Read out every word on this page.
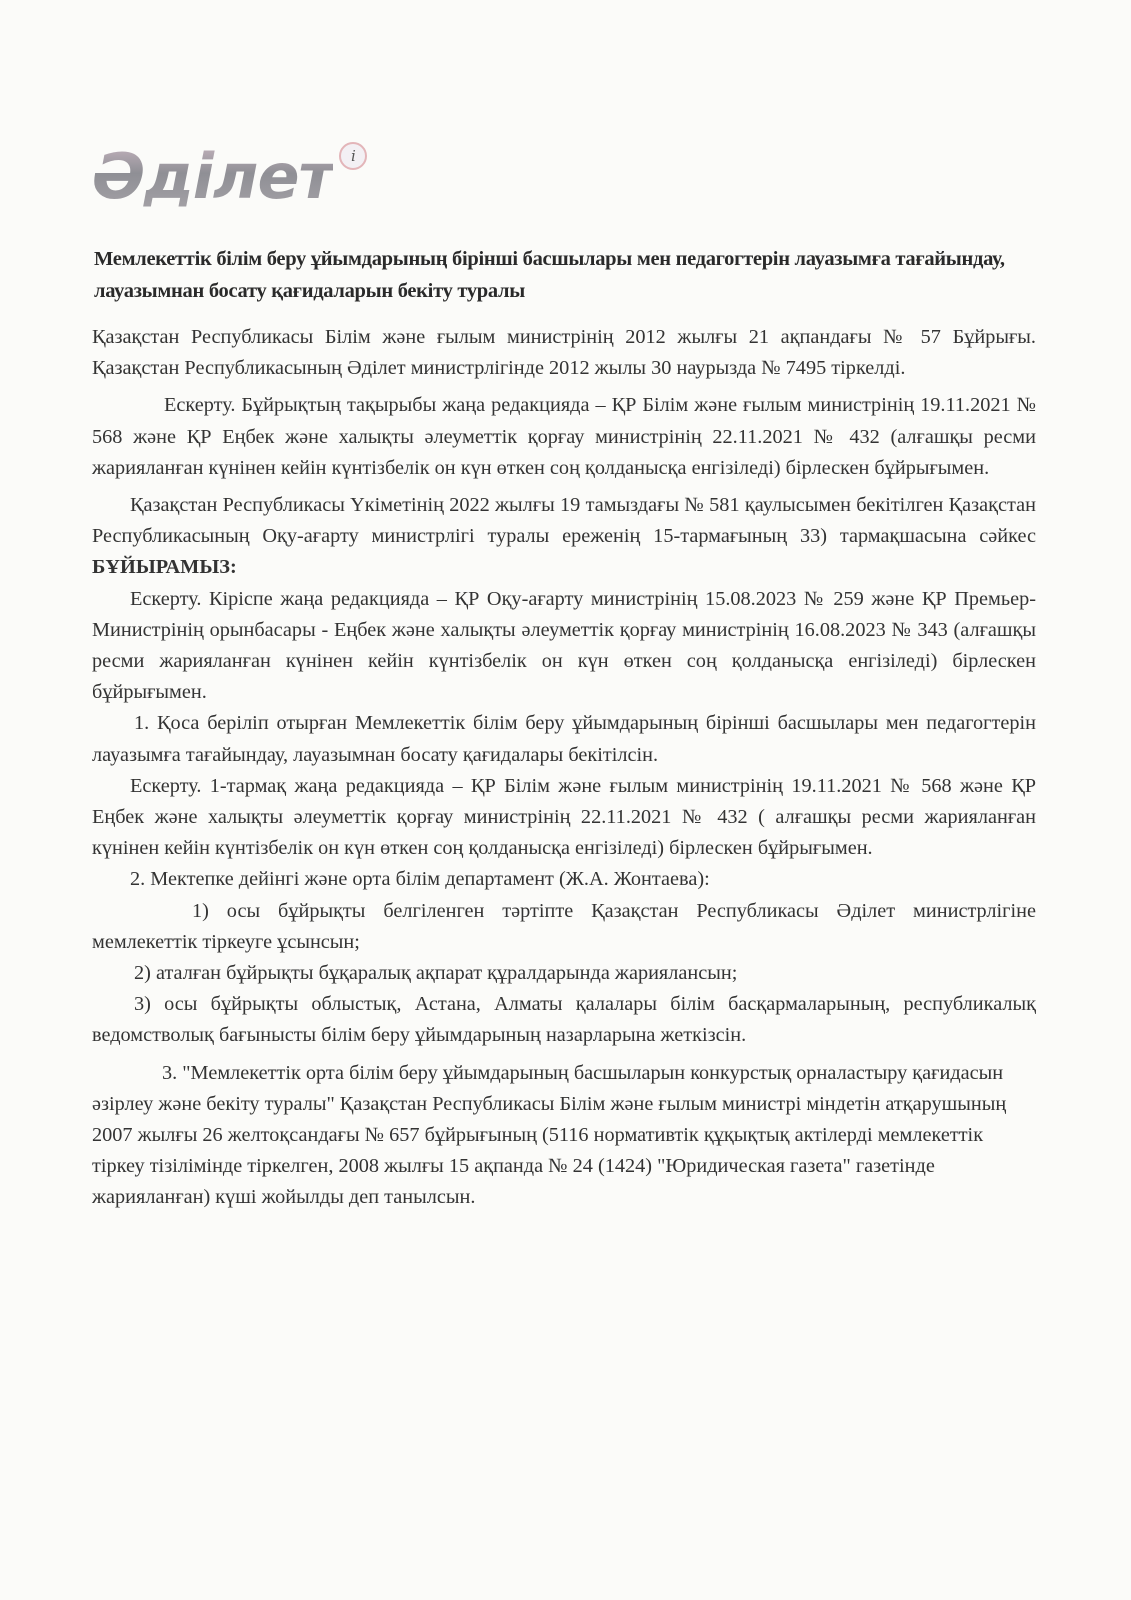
Әділет	i
Мемлекеттік білім беру ұйымдарының бірінші басшылары мен педагогтерін лауазымға тағайындау, лауазымнан босату қағидаларын бекіту туралы

Қазақстан Республикасы Білім және ғылым министрінің 2012 жылғы 21 ақпандағы № 57 Бұйрығы. Қазақстан Республикасының Әділет министрлігінде 2012 жылы 30 наурызда № 7495 тіркелді.

Ескерту. Бұйрықтың тақырыбы жаңа редакцияда – ҚР Білім және ғылым министрінің 19.11.2021 № 568 және ҚР Еңбек және халықты әлеуметтік қорғау министрінің 22.11.2021 № 432 (алғашқы ресми жарияланған күнінен кейін күнтізбелік он күн өткен соң қолданысқа енгізіледі) бірлескен бұйрығымен.

Қазақстан Республикасы Үкіметінің 2022 жылғы 19 тамыздағы № 581 қаулысымен бекітілген Қазақстан Республикасының Оқу-ағарту министрлігі туралы ереженің 15-тармағының 33) тармақшасына сәйкес БҰЙЫРАМЫЗ:

Ескерту. Кіріспе жаңа редакцияда – ҚР Оқу-ағарту министрінің 15.08.2023 № 259 және ҚР Премьер-Министрінің орынбасары - Еңбек және халықты әлеуметтік қорғау министрінің 16.08.2023 № 343 (алғашқы ресми жарияланған күнінен кейін күнтізбелік он күн өткен соң қолданысқа енгізіледі) бірлескен бұйрығымен.

1. Қоса беріліп отырған Мемлекеттік білім беру ұйымдарының бірінші басшылары мен педагогтерін лауазымға тағайындау, лауазымнан босату қағидалары бекітілсін.

Ескерту. 1-тармақ жаңа редакцияда – ҚР Білім және ғылым министрінің 19.11.2021 № 568 және ҚР Еңбек және халықты әлеуметтік қорғау министрінің 22.11.2021 № 432 ( алғашқы ресми жарияланған күнінен кейін күнтізбелік он күн өткен соң қолданысқа енгізіледі) бірлескен бұйрығымен.

2. Мектепке дейінгі және орта білім департамент (Ж.А. Жонтаева):

1) осы бұйрықты белгіленген тәртіпте Қазақстан Республикасы Әділет министрлігіне мемлекеттік тіркеуге ұсынсын;

2) аталған бұйрықты бұқаралық ақпарат құралдарында жариялансын;

3) осы бұйрықты облыстық, Астана, Алматы қалалары білім басқармаларының, республикалық ведомстволық бағынысты білім беру ұйымдарының назарларына жеткізсін.

3. "Мемлекеттік орта білім беру ұйымдарының басшыларын конкурстық орналастыру қағидасын әзірлеу және бекіту туралы" Қазақстан Республикасы Білім және ғылым министрі міндетін атқарушының 2007 жылғы 26 желтоқсандағы № 657 бұйрығының (5116 нормативтік құқықтық актілерді мемлекеттік тіркеу тізілімінде тіркелген, 2008 жылғы 15 ақпанда № 24 (1424) "Юридическая газета" газетінде жарияланған) күші жойылды деп танылсын.
